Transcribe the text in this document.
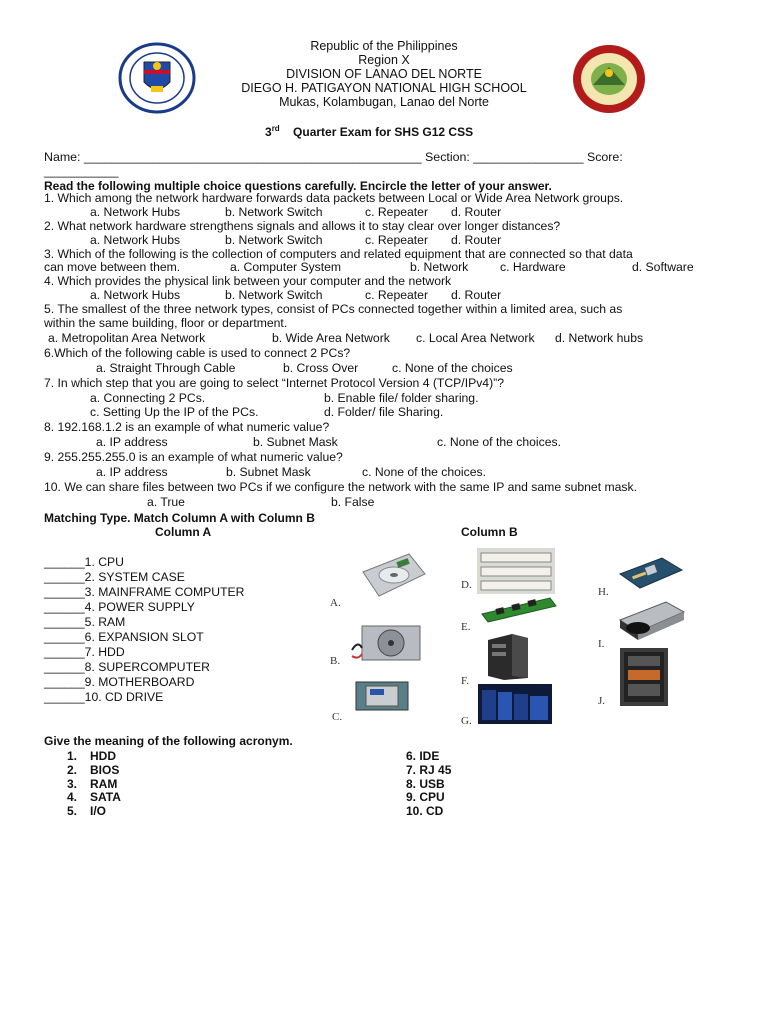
Republic of the Philippines
Region X
DIVISION OF LANAO DEL NORTE
DIEGO H. PATIGAYON NATIONAL HIGH SCHOOL
Mukas, Kolambugan, Lanao del Norte
3rd Quarter Exam for SHS G12 CSS
Name: _________________________________________________ Section: ________________ Score:
___________
Read the following multiple choice questions carefully. Encircle the letter of your answer.
1. Which among the network hardware forwards data packets between Local or Wide Area Network groups.
a. Network Hubs	b. Network Switch	c. Repeater d. Router
2. What network hardware strengthens signals and allows it to stay clear over longer distances?
a. Network Hubs	b. Network Switch	c. Repeater d. Router
3. Which of the following is the collection of computers and related equipment that are connected so that data
can move between them.	a. Computer System	b. Network	c. Hardware	d. Software
4. Which provides the physical link between your computer and the network
a. Network Hubs	b. Network Switch	c. Repeater d. Router
5. The smallest of the three network types, consist of PCs connected together within a limited area, such as
within the same building, floor or department.
a. Metropolitan Area Network	b. Wide Area Network c. Local Area Network d. Network hubs
6.Which of the following cable is used to connect 2 PCs?
a. Straight Through Cable	b. Cross Over	c. None of the choices
7. In which step that you are going to select “Internet Protocol Version 4 (TCP/IPv4)”?
a. Connecting 2 PCs.	b. Enable file/ folder sharing.
c. Setting Up the IP of the PCs.	d. Folder/ file Sharing.
8. 192.168.1.2 is an example of what numeric value?
a. IP address	b. Subnet Mask	c. None of the choices.
9. 255.255.255.0 is an example of what numeric value?
a. IP address	b. Subnet Mask	c. None of the choices.
10. We can share files between two PCs if we configure the network with the same IP and same subnet mask.
a. True	b. False
Matching Type. Match Column A with Column B
Column A	Column B
______1. CPU
______2. SYSTEM CASE
______3. MAINFRAME COMPUTER
______4. POWER SUPPLY
______5. RAM
______6. EXPANSION SLOT
______7. HDD
______8. SUPERCOMPUTER
______9. MOTHERBOARD
______10. CD DRIVE
A.
B.
C.
D.
E.
F.
G.
H.
I.
J.
Give the meaning of the following acronym.
1. HDD
2. BIOS
3. RAM
4. SATA
5. I/O
6. IDE
7. RJ 45
8. USB
9. CPU
10. CD
